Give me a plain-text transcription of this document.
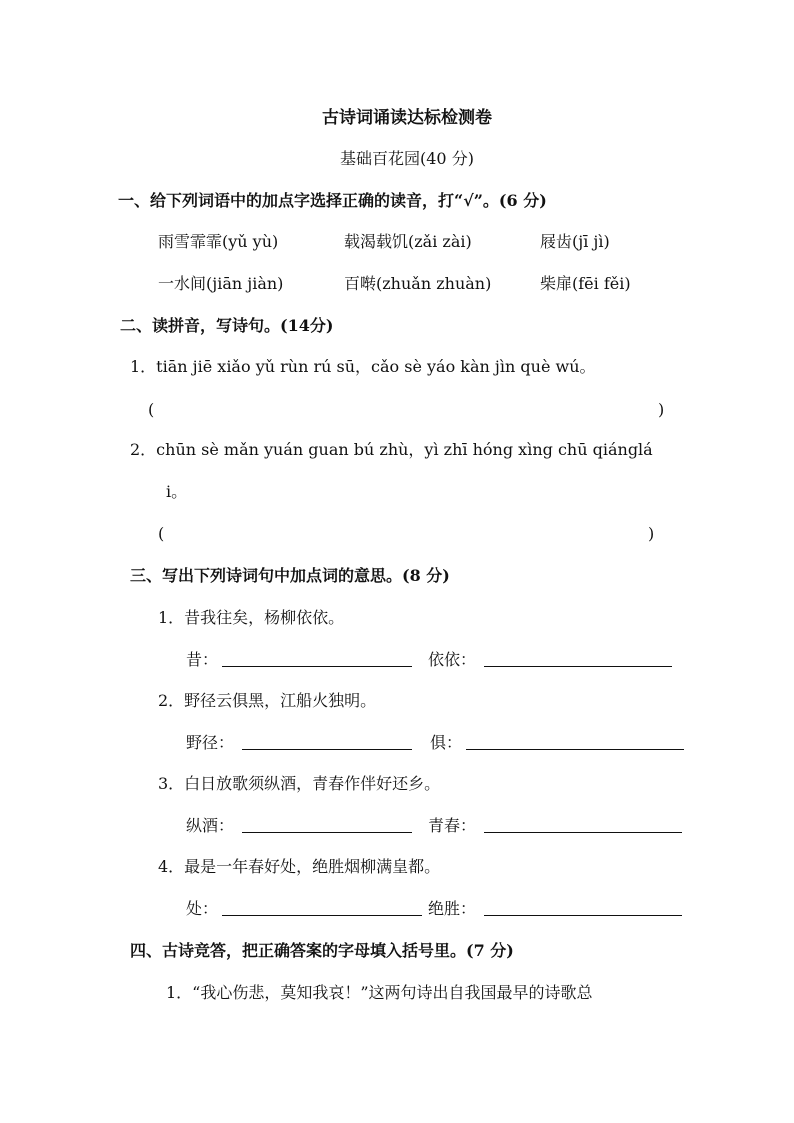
古诗词诵读达标检测卷
基础百花园(40 分)
一、给下列词语中的加点字选择正确的读音，打“√”。(6 分)
雨雪霏霏(yǔ yù)	载渴载饥(zǎi zài)	屐齿(jī jì)
一水间(jiān jiàn)	百啭(zhuǎn zhuàn)	柴扉(fēi fěi)
二、读拼音，写诗句。(14分)
1．tiān jiē xiǎo yǔ rùn rú sū，cǎo sè yáo kàn jìn què wú。
(	)
2．chūn sè mǎn yuán guan bú zhù，yì zhī hóng xìng chū qiánglá
i。
(	)
三、写出下列诗词句中加点词的意思。(8 分)
1．昔我往矣，杨柳依依。
昔：	依依：
2．野径云俱黑，江船火独明。
野径：	俱：
3．白日放歌须纵酒，青春作伴好还乡。
纵酒：	青春：
4．最是一年春好处，绝胜烟柳满皇都。
处：	绝胜：
四、古诗竞答，把正确答案的字母填入括号里。(7 分)
1．“我心伤悲，莫知我哀！”这两句诗出自我国最早的诗歌总
